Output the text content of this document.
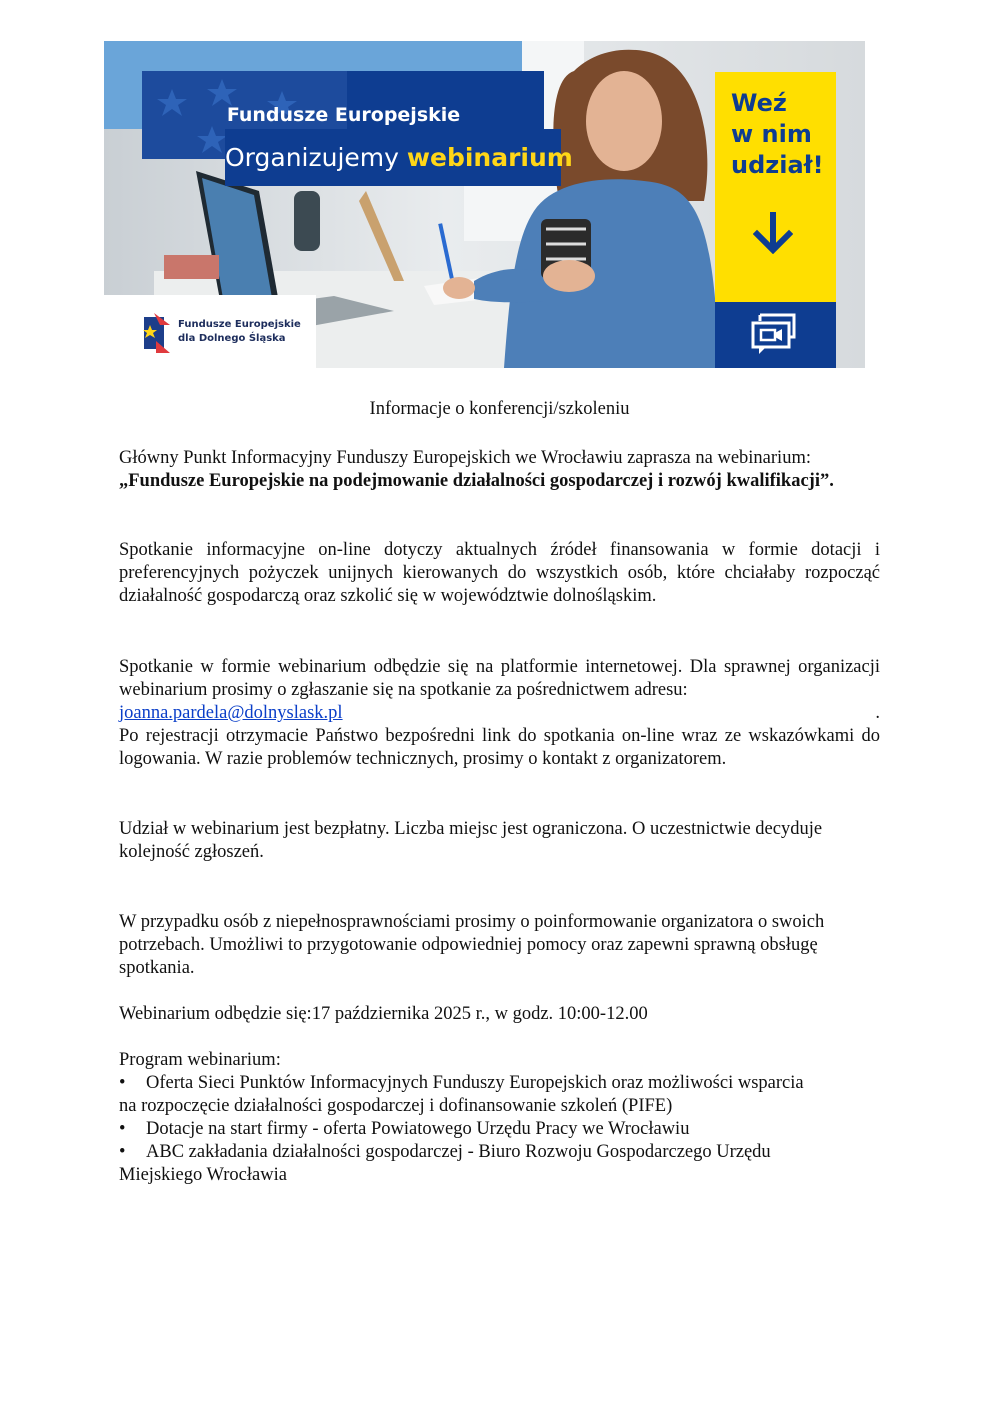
Fundusze Europejskie
Organizujemy webinarium
Weź
w nim
udział!
Fundusze Europejskie
dla Dolnego Śląska
Informacje o konferencji/szkoleniu
Główny Punkt Informacyjny Funduszy Europejskich we Wrocławiu zaprasza na webinarium:
„Fundusze Europejskie na podejmowanie działalności gospodarczej i rozwój kwalifikacji”.
Spotkanie informacyjne on-line dotyczy aktualnych źródeł finansowania w formie dotacji i preferencyjnych pożyczek unijnych kierowanych do wszystkich osób, które chciałaby rozpocząć działalność gospodarczą oraz szkolić się w województwie dolnośląskim.
Spotkanie w formie webinarium odbędzie się na platformie internetowej. Dla sprawnej organizacji webinarium prosimy o zgłaszanie się na spotkanie za pośrednictwem adresu:
joanna.pardela@dolnyslask.pl	.
Po rejestracji otrzymacie Państwo bezpośredni link do spotkania on-line wraz ze wskazówkami do logowania. W razie problemów technicznych, prosimy o kontakt z organizatorem.
Udział w webinarium jest bezpłatny. Liczba miejsc jest ograniczona. O uczestnictwie decyduje kolejność zgłoszeń.
W przypadku osób z niepełnosprawnościami prosimy o poinformowanie organizatora o swoich potrzebach. Umożliwi to przygotowanie odpowiedniej pomocy oraz zapewni sprawną obsługę spotkania.
Webinarium odbędzie się:17 października 2025 r., w godz. 10:00-12.00
Program webinarium:
• Oferta Sieci Punktów Informacyjnych Funduszy Europejskich oraz możliwości wsparcia
na rozpoczęcie działalności gospodarczej i dofinansowanie szkoleń (PIFE)
• Dotacje na start firmy - oferta Powiatowego Urzędu Pracy we Wrocławiu
• ABC zakładania działalności gospodarczej - Biuro Rozwoju Gospodarczego Urzędu
Miejskiego Wrocławia
